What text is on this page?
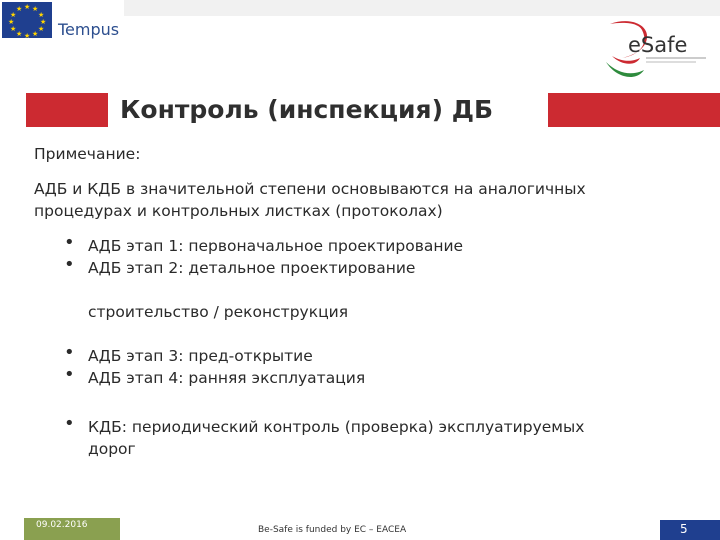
★ ★
★
★
★
★
★
★
★
★
★
★
Tempus
eSafe
Контроль (инспекция) ДБ
Примечание:
АДБ и КДБ в значительной степени основываются на аналогичных
процедурах и контрольных листках (протоколах)
• АДБ этап 1: первоначальное проектирование
• АДБ этап 2: детальное проектирование
строительство / реконструкция
• АДБ этап 3: пред-открытие
• АДБ этап 4: ранняя эксплуатация
• КДБ: периодический контроль (проверка) эксплуатируемых
дорог
09.02.2016	Be-Safe is funded by EC – EACEA	5
